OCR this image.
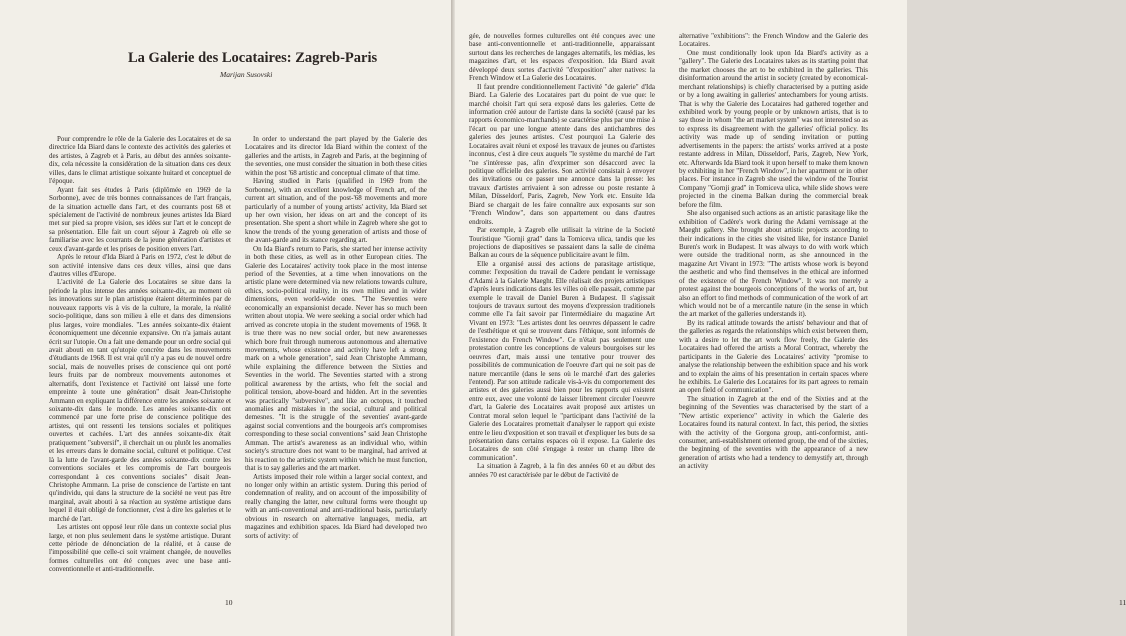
La Galerie des Locataires: Zagreb-Paris
Marijan Susovski

Pour comprendre le rôle de la Galerie des Locataires et de sa directrice Ida Biard dans le contexte des activités des galeries et des artistes, à Zagreb et à Paris, au début des années soixante-dix, cela nécessite la considération de la situation dans ces deux villes, dans le climat artistique soixante huitard et conceptuel de l'époque.

Ayant fait ses études à Paris (diplômée en 1969 de la Sorbonne), avec de très bonnes connaissances de l'art français, de la situation actuelle dans l'art, et des courrants post 68 et spécialement de l'activité de nombreux jeunes artistes Ida Biard met sur pied sa propre vision, ses idées sur l'art et le concept de sa présentation. Elle fait un court séjour à Zagreb où elle se familiarise avec les courrants de la jeune génération d'artistes et ceux d'avant-garde et les prises de position envers l'art.

Après le retour d'Ida Biard à Paris en 1972, c'est le début de son activité intensive dans ces deux villes, ainsi que dans d'autres villes d'Europe.

L'activité de La Galerie des Locataires se situe dans la période la plus intense des années soixante-dix, au moment où les innovations sur le plan artistique étaient déterminées par de nouveaux rapports vis à vis de la culture, la morale, la réalité socio-politique, dans son milieu à elle et dans des dimensions plus larges, voire mondiales. "Les années soixante-dix étaient économiquement une décennie expansive. On n'a jamais autant écrit sur l'utopie. On a fait une demande pour un ordre social qui avait abouti en tant qu'utopie concrète dans les mouvements d'étudiants de 1968. Il est vrai qu'il n'y a pas eu de nouvel ordre social, mais de nouvelles prises de conscience qui ont porté leurs fruits par de nombreux mouvements autonomes et alternatifs, dont l'existence et l'activité ont laissé une forte empreinte à toute une génération" disait Jean-Christophe Ammann en expliquant la différence entre les années soixante et soixante-dix dans le monde. Les années soixante-dix ont commencé par une forte prise de conscience politique des artistes, qui ont ressenti les tensions sociales et politiques ouvertes et cachées. L'art des années soixante-dix était pratiquement "subversif", il cherchait un ou plutôt les anomalies et les erreurs dans le domaine social, culturel et politique. C'est là la lutte de l'avant-garde des années soixante-dix contre les conventions sociales et les compromis de l'art bourgeois correspondant à ces conventions sociales" disait Jean-Christophe Ammann. La prise de conscience de l'artiste en tant qu'individu, qui dans la structure de la société ne veut pas être marginal, avait abouti à sa réaction au système artistique dans lequel il était obligé de fonctionner, c'est à dire les galeries et le marché de l'art.

Les artistes ont opposé leur rôle dans un contexte social plus large, et non plus seulement dans le système artistique. Durant cette période de dénonciation de la réalité, et à cause de l'impossibilité que celle-ci soit vraiment changée, de nouvelles formes culturelles ont été conçues avec une base anti-conventionnelle et anti-traditionnelle.

In order to understand the part played by the Galerie des Locataires and its director Ida Biard within the context of the galleries and the artists, in Zagreb and Paris, at the beginning of the seventies, one must consider the situation in both these cities within the post '68 artistic and conceptual climate of that time.

Having studied in Paris (qualified in 1969 from the Sorbonne), with an excellent knowledge of French art, of the current art situation, and of the post-'68 movements and more particularly of a number of young artists' activity, Ida Biard set up her own vision, her ideas on art and the concept of its presentation. She spent a short while in Zagreb where she got to know the trends of the young generation of artists and those of the avant-garde and its stance regarding art.

On Ida Biard's return to Paris, she started her intense activity in both these cities, as well as in other European cities. The Galerie des Locataires' activity took place in the most intense period of the Seventies, at a time when innovations on the artistic plane were determined via new relations towards culture, ethics, socio-political reality, in its own milieu and in wider dimensions, even world-wide ones. "The Seventies were economically an expansionist decade. Never has so much been written about utopia. We were seeking a social order which had arrived as concrete utopia in the student movements of 1968. It is true there was no new social order, but new awarenesses which bore fruit through numerous autonomous and alternative movements, whose existence and activity have left a strong mark on a whole generation", said Jean Christophe Ammann, while explaining the difference between the Sixties and Seventies in the world. The Seventies started with a strong political awareness by the artists, who felt the social and political tension, above-board and hidden. Art in the seventies was practically "subversive", and like an octopus, it touched anomalies and mistakes in the social, cultural and political demesnes. "It is the struggle of the seventies' avant-garde against social conventions and the bourgeois art's compromises corresponding to these social conventions" said Jean Christophe Amman. The artist's awareness as an individual who, within society's structure does not want to be marginal, had arrived at his reaction to the artistic system within which he must function, that is to say galleries and the art market.

Artists imposed their role within a larger social context, and no longer only within an artistic system. During this period of condemnation of reality, and on account of the impossibility of really changing the latter, new cultural forms were thought up with an anti-conventional and anti-traditional basis, particularly obvious in research on alternative languages, media, art magazines and exhibition spaces. Ida Biard had developed two sorts of activity: of

10	11

gée, de nouvelles formes culturelles ont été conçues avec une base anti-conventionnelle et anti-traditionnelle, apparaissant surtout dans les recherches de langages alternatifs, les médias, les magazines d'art, et les espaces d'exposition. Ida Biard avait développé deux sortes d'activité "d'exposition" alter natives: la French Window et La Galerie des Locataires.

Il faut prendre conditionnellement l'activité "de galerie" d'Ida Biard. La Galerie des Locataires part du point de vue que: le marché choisit l'art qui sera exposé dans les galeries. Cette de information créé autour de l'artiste dans la société (causé par les rapports économico-marchands) se caractérise plus par une mise à l'écart ou par une longue attente dans des antichambres des galeries des jeunes artistes. C'est pourquoi La Galerie des Locataires avait réuni et exposé les travaux de jeunes ou d'artistes inconnus, c'est à dire ceux auquels "le système du marché de l'art "ne s'intéresse pas, afin d'exprimer son désaccord avec la politique officielle des galeries. Son activité consistait à envoyer des invitations ou ce passer une annonce dans la presse: les travaux d'artistes arrivaient à son adresse ou poste restante à Milan, Düsseldorf, Paris, Zagreb, New York etc. Ensuite Ida Biard se chargait de les faire connaître aux exposants sur son "French Window", dans son appartement ou dans d'autres endroits.

Par exemple, à Zagreb elle utilisait la vitrine de la Societé Touristique "Gornji grad" dans la Tomiceva ulica, tandis que les projections de diapositives se passaient dans la salle de cinéma Balkan au cours de la séquence publicitaire avant le film.

Elle a organisé aussi des actions de parasitage artistique, comme: l'exposition du travail de Cadere pendant le vernissage d'Adami à la Galerie Maeght. Elle réalisait des projets artistiques d'après leurs indications dans les villes où elle passait, comme par exemple le travail de Daniel Buren à Budapest. Il s'agissait toujours de travaux surtout des moyens d'expression traditionels comme elle l'a fait savoir par l'intermédiaire du magazine Art Vivant en 1973: "Les artistes dont les oeuvres dépassent le cadre de l'esthétique et qui se trouvent dans l'éthique, sont informés de l'existence du French Window". Ce n'était pas seulement une protestation contre les conceptions de valeurs bourgoises sur les oeuvres d'art, mais aussi une tentative pour trouver des possibilités de communication de l'oeuvre d'art qui ne soit pas de nature mercantile (dans le sens où le marché d'art des galeries l'entend). Par son attitude radicale vis-à-vis du comportement des artistes et des galeries aussi bien pour les rapports qui existent entre eux, avec une volonté de laisser librement circuler l'oeuvre d'art, la Galerie des Locataires avait proposé aux artistes un Contrat moral selon lequel le "participant dans l'activité de la Galerie des Locataires promettait d'analyser le rapport qui existe entre le lieu d'exposition et son travail et d'expliquer les buts de sa présentation dans certains espaces où il expose. La Galerie des Locataires de son côté s'engage à rester un champ libre de communication".

La situation à Zagreb, à la fin des années 60 et au début des années 70 est caractérisée par le début de l'activité de

alternative "exhibitions": the French Window and the Galerie des Locataires.

One must conditionally look upon Ida Biard's activity as a "gallery". The Galerie des Locataires takes as its starting point that the market chooses the art to be exhibited in the galleries. This disinformation around the artist in society (created by economical-merchant relationships) is chiefly characterised by a putting aside or by a long awaiting in galleries' antechambers for young artists. That is why the Galerie des Locataires had gathered together and exhibited work by young people or by unknown artists, that is to say those in whom "the art market system" was not interested so as to express its disagreement with the galleries' official policy. Its activity was made up of sending invitation or putting advertisements in the papers: the artists' works arrived at a poste restante address in Milan, Düsseldorf, Paris, Zagreb, New York, etc. Afterwards Ida Biard took it upon herself to make them known by exhibiting in her "French Window", in her apartment or in other places. For instance in Zagreb she used the window of the Tourist Company "Gornji grad" in Tomiceva ulica, while slide shows were projected in the cinema Balkan during the commercial break before the film.

She also organised such actions as an artistic parasitage like the exhibition of Cadère's work during the Adami vernissage at the Maeght gallery. She brought about artistic projects according to their indications in the cities she visited like, for instance Daniel Buren's work in Budapest. It was always to do with work which were outside the traditional norm, as she announced in the magazine Art Vivant in 1973: "The artists whose work is beyond the aesthetic and who find themselves in the ethical are informed of the existence of the French Window". It was not merely a protest against the bourgeois conceptions of the works of art, but also an effort to find methods of communication of the work of art which would not be of a mercantile nature (in the sense in which the art market of the galleries understands it).

By its radical attitude towards the artists' behaviour and that of the galleries as regards the relationships which exist between them, with a desire to let the art work flow freely, the Galerie des Locataires had offered the artists a Moral Contract, whereby the participants in the Galerie des Locataires' activity "promise to analyse the relationship between the exhibition space and his work and to explain the aims of his presentation in certain spaces where he exhibits. Le Galerie des Locataires for its part agrees to remain an open field of communication".

The situation in Zagreb at the end of the Sixties and at the beginning of the Seventies was characterised by the start of a "New artistic experience" activity in which the Galerie des Locataires found its natural context. In fact, this period, the sixties with the activity of the Gorgona group, anti-conformist, anti-consumer, anti-establishment oriented group, the end of the sixties, the beginning of the seventies with the appearance of a new generation of artists who had a tendency to demystify art, through an activity
